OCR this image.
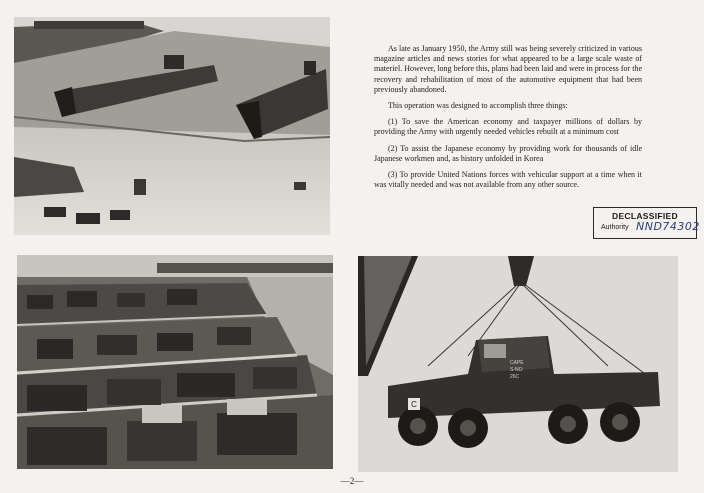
C
CAPE S-NO 26C

As late as January 1950, the Army still was being severely criticized in various magazine articles and news stories for what appeared to be a large scale waste of materiel. However, long before this, plans had been laid and were in process for the recovery and rehabilitation of most of the automotive equipment that had been previously abandoned.

This operation was designed to accomplish three things:

(1) To save the American economy and taxpayer millions of dollars by providing the Army with urgently needed vehicles rebuilt at a minimum cost

(2) To assist the Japanese economy by providing work for thousands of idle Japanese workmen and, as history unfolded in Korea

(3) To provide United Nations forces with vehicular support at a time when it was vitally needed and was not available from any other source.

DECLASSIFIED
Authority NND74302
—2—
